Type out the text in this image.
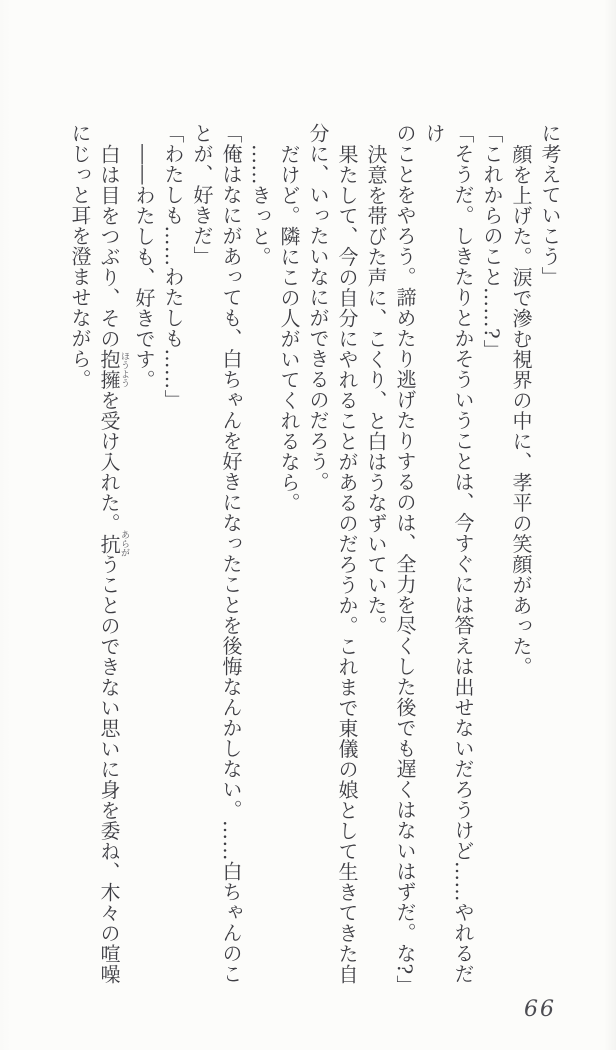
に考えていこう」
顔を上げた。涙で滲む視界の中に、孝平の笑顔があった。
「これからのこと……?」
「そうだ。しきたりとかそういうことは、今すぐには答えは出せないだろうけど……やれるだけ
のことをやろう。諦めたり逃げたりするのは、全力を尽くした後でも遅くはないはずだ。な?」
決意を帯びた声に、こくり、と白はうなずいていた。
果たして、今の自分にやれることがあるのだろうか。これまで東儀の娘として生きてきた自
分に、いったいなにができるのだろう。
だけど。隣にこの人がいてくれるなら。
……きっと。
「俺はなにがあっても、白ちゃんを好きになったことを後悔なんかしない。……白ちゃんのこ
とが、好きだ」
「わたしも……わたしも……」
――わたしも、好きです。
白は目をつぶり、その抱擁ほうようを受け入れた。抗あらがうことのできない思いに身を委ね、木々の喧噪
にじっと耳を澄ませながら。
66
